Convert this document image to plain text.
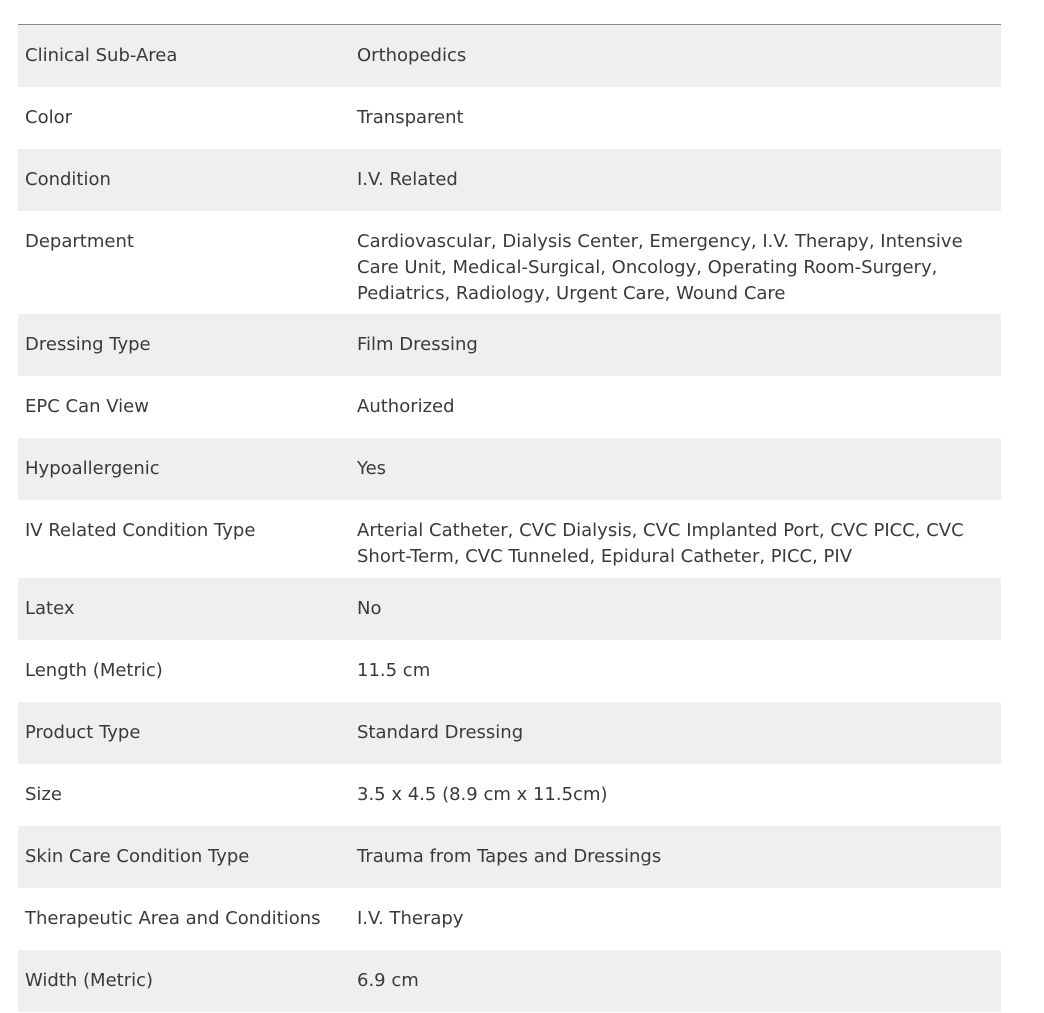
Clinical Sub-Area	Orthopedics
Color	Transparent
Condition	I.V. Related
Department	Cardiovascular, Dialysis Center, Emergency, I.V. Therapy, Intensive Care Unit, Medical-Surgical, Oncology, Operating Room-Surgery, Pediatrics, Radiology, Urgent Care, Wound Care
Dressing Type	Film Dressing
EPC Can View	Authorized
Hypoallergenic	Yes
IV Related Condition Type	Arterial Catheter, CVC Dialysis, CVC Implanted Port, CVC PICC, CVC Short-Term, CVC Tunneled, Epidural Catheter, PICC, PIV
Latex	No
Length (Metric)	11.5 cm
Product Type	Standard Dressing
Size	3.5 x 4.5 (8.9 cm x 11.5cm)
Skin Care Condition Type	Trauma from Tapes and Dressings
Therapeutic Area and Conditions	I.V. Therapy
Width (Metric)	6.9 cm
